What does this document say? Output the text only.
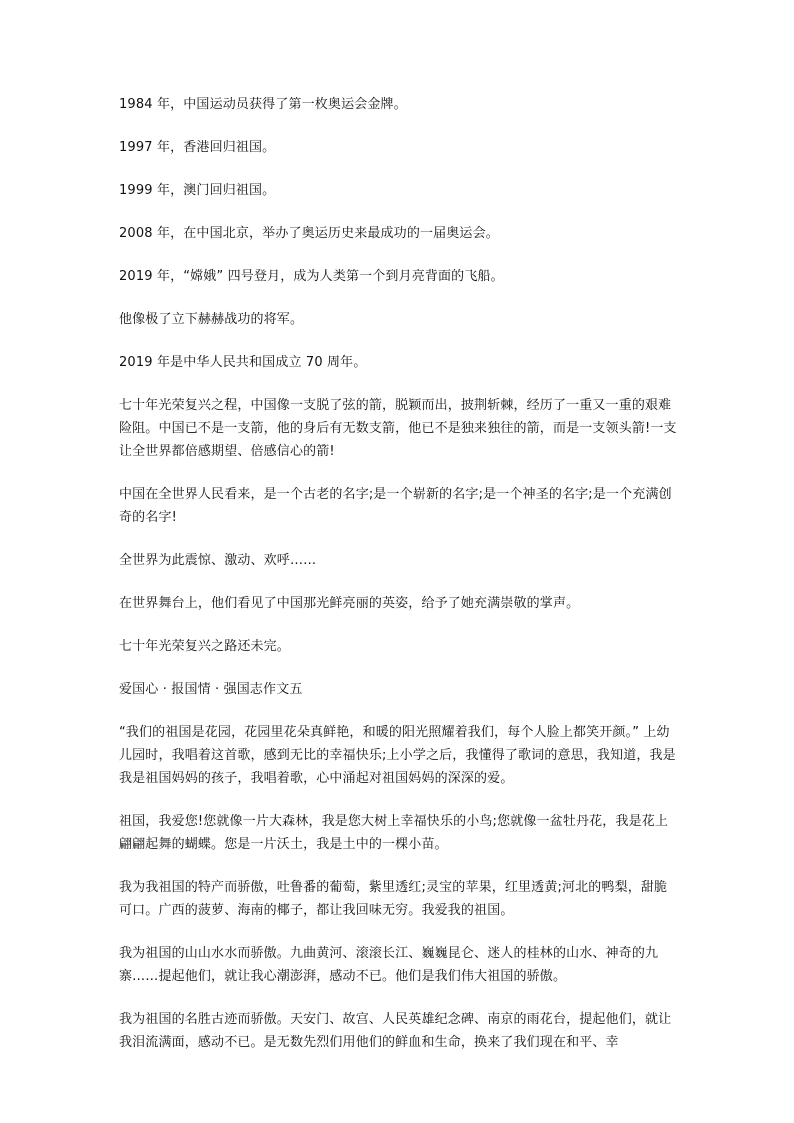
1984 年，中国运动员获得了第一枚奥运会金牌。

1997 年，香港回归祖国。

1999 年，澳门回归祖国。

2008 年，在中国北京，举办了奥运历史来最成功的一届奥运会。

2019 年，“嫦娥” 四号登月，成为人类第一个到月亮背面的飞船。

他像极了立下赫赫战功的将军。

2019 年是中华人民共和国成立 70 周年。

七十年光荣复兴之程，中国像一支脱了弦的箭，脱颖而出，披荆斩棘，经历了一重又一重的艰难险阻。中国已不是一支箭，他的身后有无数支箭，他已不是独来独往的箭，而是一支领头箭!一支让全世界都倍感期望、倍感信心的箭!

中国在全世界人民看来，是一个古老的名字;是一个崭新的名字;是一个神圣的名字;是一个充满创奇的名字!

全世界为此震惊、激动、欢呼……

在世界舞台上，他们看见了中国那光鲜亮丽的英姿，给予了她充满崇敬的掌声。

七十年光荣复兴之路还未完。

爱国心 · 报国情 · 强国志作文五

“我们的祖国是花园，花园里花朵真鲜艳，和暖的阳光照耀着我们，每个人脸上都笑开颜。” 上幼儿园时，我唱着这首歌，感到无比的幸福快乐;上小学之后，我懂得了歌词的意思，我知道，我是我是祖国妈妈的孩子，我唱着歌，心中涌起对祖国妈妈的深深的爱。

祖国，我爱您!您就像一片大森林，我是您大树上幸福快乐的小鸟;您就像一盆牡丹花，我是花上翩翩起舞的蝴蝶。您是一片沃土，我是土中的一棵小苗。

我为我祖国的特产而骄傲，吐鲁番的葡萄，紫里透红;灵宝的苹果，红里透黄;河北的鸭梨，甜脆可口。广西的菠萝、海南的椰子，都让我回味无穷。我爱我的祖国。

我为祖国的山山水水而骄傲。九曲黄河、滚滚长江、巍巍昆仑、迷人的桂林的山水、神奇的九寨……提起他们，就让我心潮澎湃，感动不已。他们是我们伟大祖国的骄傲。

我为祖国的名胜古迹而骄傲。天安门、故宫、人民英雄纪念碑、南京的雨花台，提起他们，就让我泪流满面，感动不已。是无数先烈们用他们的鲜血和生命，换来了我们现在和平、幸
